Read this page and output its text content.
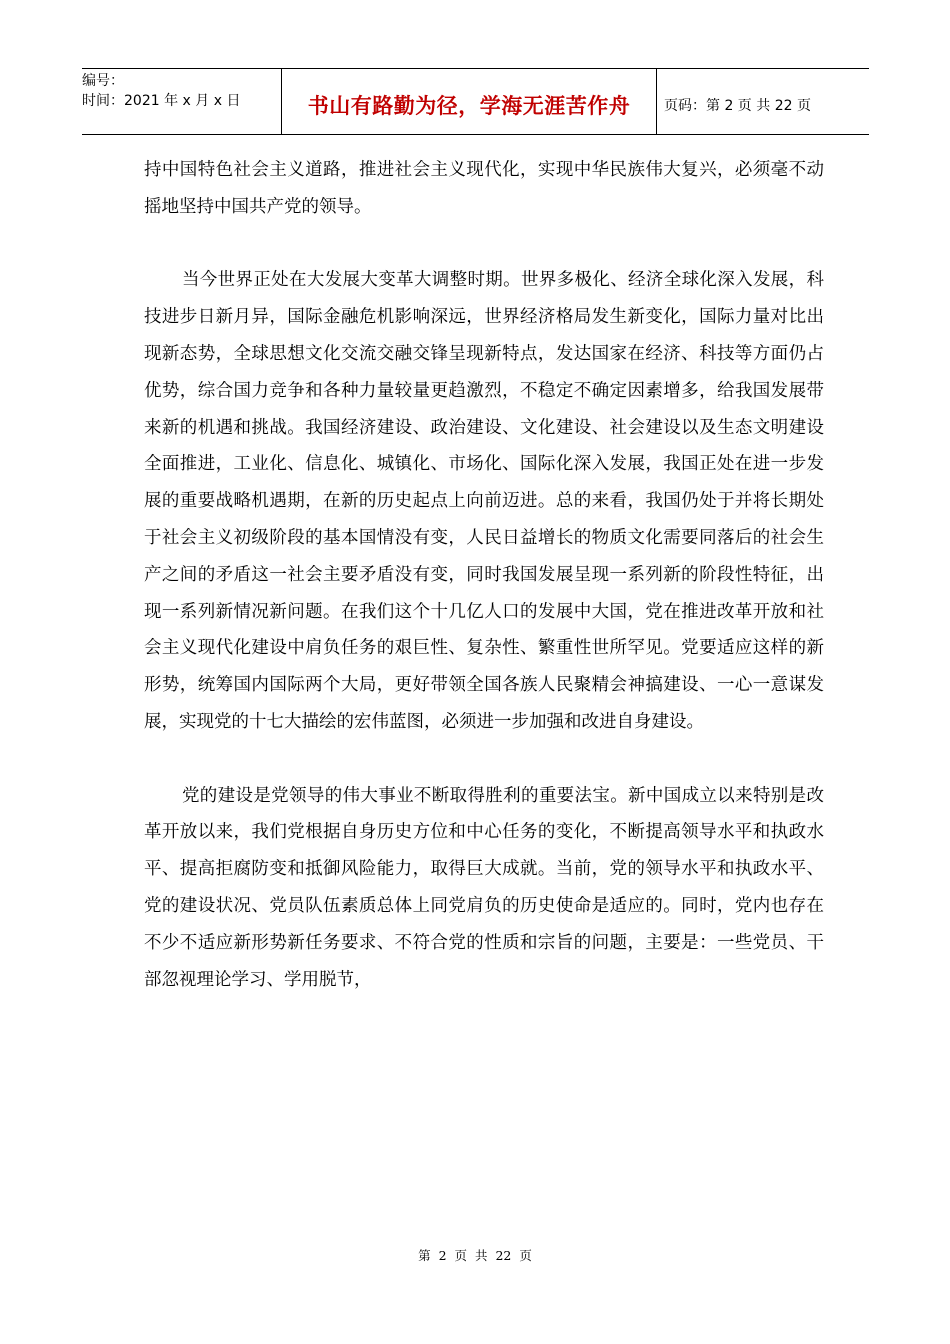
编号：
时间：2021 年 x 月 x 日	书山有路勤为径，学海无涯苦作舟 页码：第 2 页 共 22 页

持中国特色社会主义道路，推进社会主义现代化，实现中华民族伟大复兴，必须毫不动摇地坚持中国共产党的领导。

当今世界正处在大发展大变革大调整时期。世界多极化、经济全球化深入发展，科技进步日新月异，国际金融危机影响深远，世界经济格局发生新变化，国际力量对比出现新态势，全球思想文化交流交融交锋呈现新特点，发达国家在经济、科技等方面仍占优势，综合国力竞争和各种力量较量更趋激烈，不稳定不确定因素增多，给我国发展带来新的机遇和挑战。我国经济建设、政治建设、文化建设、社会建设以及生态文明建设全面推进，工业化、信息化、城镇化、市场化、国际化深入发展，我国正处在进一步发展的重要战略机遇期，在新的历史起点上向前迈进。总的来看，我国仍处于并将长期处于社会主义初级阶段的基本国情没有变，人民日益增长的物质文化需要同落后的社会生产之间的矛盾这一社会主要矛盾没有变，同时我国发展呈现一系列新的阶段性特征，出现一系列新情况新问题。在我们这个十几亿人口的发展中大国，党在推进改革开放和社会主义现代化建设中肩负任务的艰巨性、复杂性、繁重性世所罕见。党要适应这样的新形势，统筹国内国际两个大局，更好带领全国各族人民聚精会神搞建设、一心一意谋发展，实现党的十七大描绘的宏伟蓝图，必须进一步加强和改进自身建设。

党的建设是党领导的伟大事业不断取得胜利的重要法宝。新中国成立以来特别是改革开放以来，我们党根据自身历史方位和中心任务的变化，不断提高领导水平和执政水平、提高拒腐防变和抵御风险能力，取得巨大成就。当前，党的领导水平和执政水平、党的建设状况、党员队伍素质总体上同党肩负的历史使命是适应的。同时，党内也存在不少不适应新形势新任务要求、不符合党的性质和宗旨的问题，主要是：一些党员、干部忽视理论学习、学用脱节，

第 2 页 共 22 页
